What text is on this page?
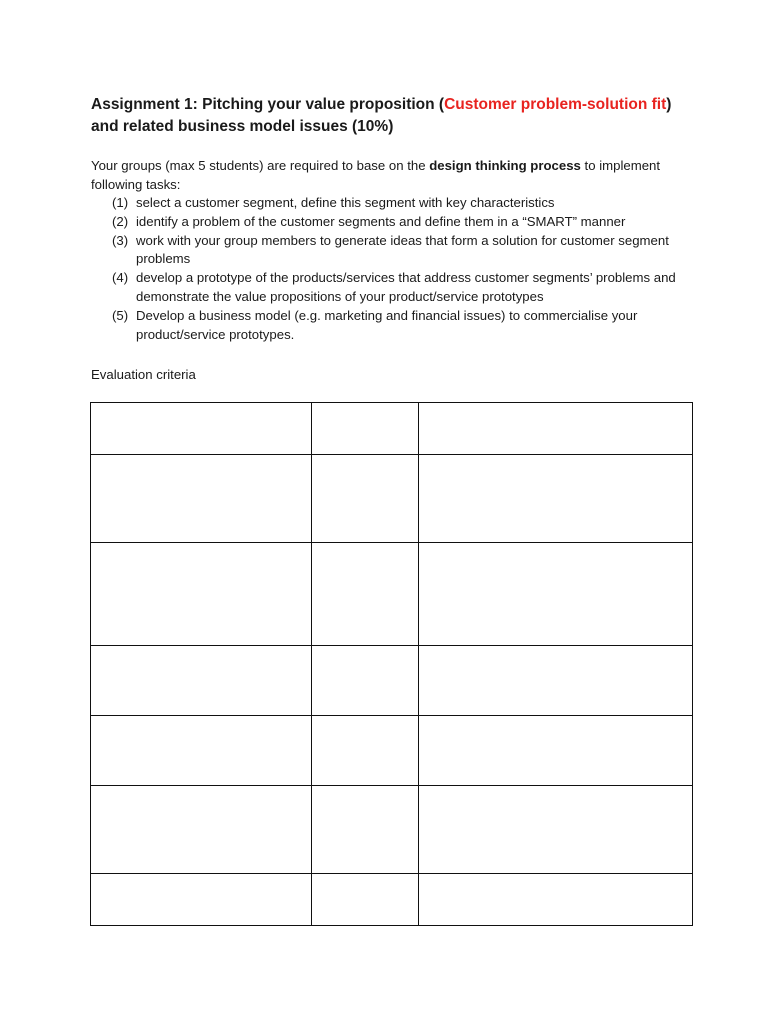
Assignment 1: Pitching your value proposition (Customer problem-solution fit)
and related business model issues (10%)

Your groups (max 5 students) are required to base on the design thinking process to implement following tasks:

(1) select a customer segment, define this segment with key characteristics
(2) identify a problem of the customer segments and define them in a “SMART” manner
(3) work with your group members to generate ideas that form a solution for customer segment problems
(4) develop a prototype of the products/services that address customer segments’ problems and demonstrate the value propositions of your product/service prototypes
(5) Develop a business model (e.g. marketing and financial issues) to commercialise your product/service prototypes.

Evaluation criteria
